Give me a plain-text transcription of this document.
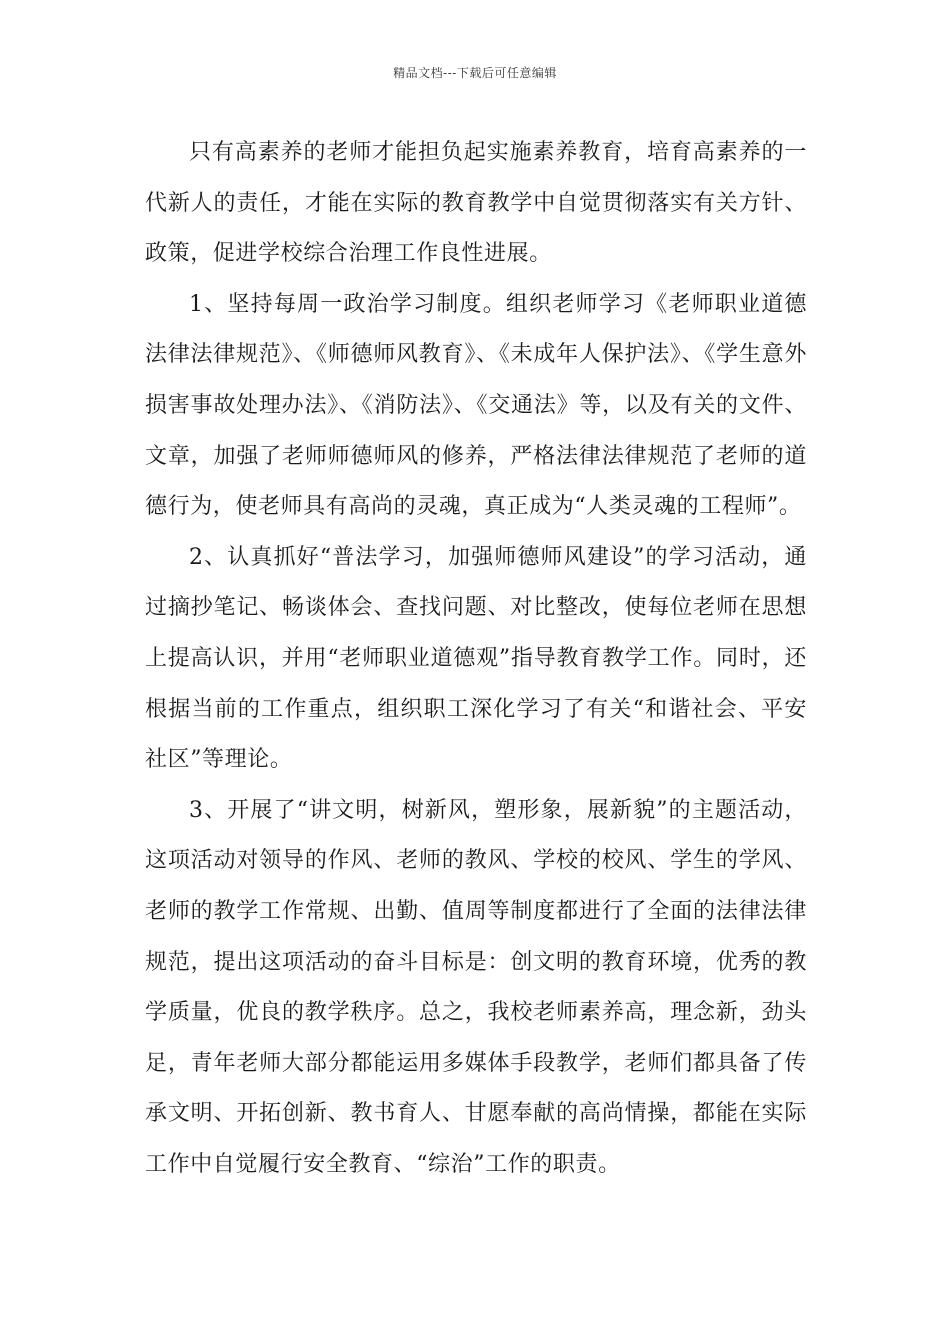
精品文档---下载后可任意编辑

只有高素养的老师才能担负起实施素养教育，培育高素养的一代新人的责任，才能在实际的教育教学中自觉贯彻落实有关方针、政策，促进学校综合治理工作良性进展。

1、坚持每周一政治学习制度。组织老师学习《老师职业道德法律法律规范》、《师德师风教育》、《未成年人保护法》、《学生意外损害事故处理办法》、《消防法》、《交通法》等，以及有关的文件、文章，加强了老师师德师风的修养，严格法律法律规范了老师的道德行为，使老师具有高尚的灵魂，真正成为“人类灵魂的工程师”。

2、认真抓好“普法学习，加强师德师风建设”的学习活动，通过摘抄笔记、畅谈体会、查找问题、对比整改，使每位老师在思想上提高认识，并用“老师职业道德观”指导教育教学工作。同时，还根据当前的工作重点，组织职工深化学习了有关“和谐社会、平安社区”等理论。

3、开展了“讲文明，树新风，塑形象，展新貌”的主题活动，这项活动对领导的作风、老师的教风、学校的校风、学生的学风、老师的教学工作常规、出勤、值周等制度都进行了全面的法律法律规范，提出这项活动的奋斗目标是：创文明的教育环境，优秀的教学质量，优良的教学秩序。总之，我校老师素养高，理念新，劲头足，青年老师大部分都能运用多媒体手段教学，老师们都具备了传承文明、开拓创新、教书育人、甘愿奉献的高尚情操，都能在实际工作中自觉履行安全教育、“综治”工作的职责。
